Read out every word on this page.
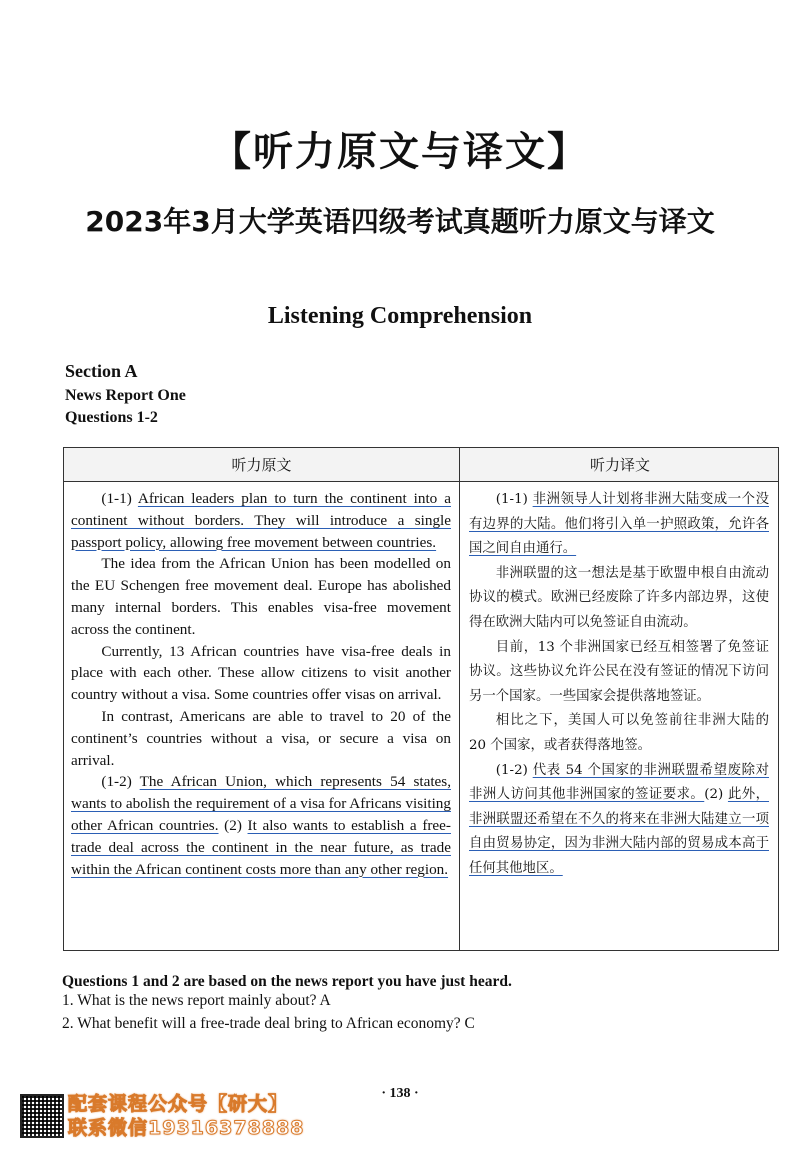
【听力原文与译文】
2023年3月大学英语四级考试真题听力原文与译文
Listening Comprehension
Section A
News Report One
Questions 1-2
听力原文	听力译文

(1-1) African leaders plan to turn the continent into a continent without borders. They will introduce a single passport policy, allowing free movement between countries.

The idea from the African Union has been modelled on the EU Schengen free movement deal. Europe has abolished many internal borders. This enables visa-free movement across the continent.

Currently, 13 African countries have visa-free deals in place with each other. These allow citizens to visit another country without a visa. Some countries offer visas on arrival.

In contrast, Americans are able to travel to 20 of the continent’s countries without a visa, or secure a visa on arrival.

(1-2) The African Union, which represents 54 states, wants to abolish the requirement of a visa for Africans visiting other African countries. (2) It also wants to establish a free-trade deal across the continent in the near future, as trade within the African continent costs more than any other region.

(1-1) 非洲领导人计划将非洲大陆变成一个没有边界的大陆。他们将引入单一护照政策，允许各国之间自由通行。

非洲联盟的这一想法是基于欧盟申根自由流动协议的模式。欧洲已经废除了许多内部边界，这使得在欧洲大陆内可以免签证自由流动。

目前，13 个非洲国家已经互相签署了免签证协议。这些协议允许公民在没有签证的情况下访问另一个国家。一些国家会提供落地签证。

相比之下，美国人可以免签前往非洲大陆的 20 个国家，或者获得落地签。

(1-2) 代表 54 个国家的非洲联盟希望废除对非洲人访问其他非洲国家的签证要求。(2) 此外，非洲联盟还希望在不久的将来在非洲大陆建立一项自由贸易协定，因为非洲大陆内部的贸易成本高于任何其他地区。

Questions 1 and 2 are based on the news report you have just heard.
1. What is the news report mainly about? A
2. What benefit will a free-trade deal bring to African economy? C
· 138 ·
配套课程公众号【研大】
联系微信19316378888
